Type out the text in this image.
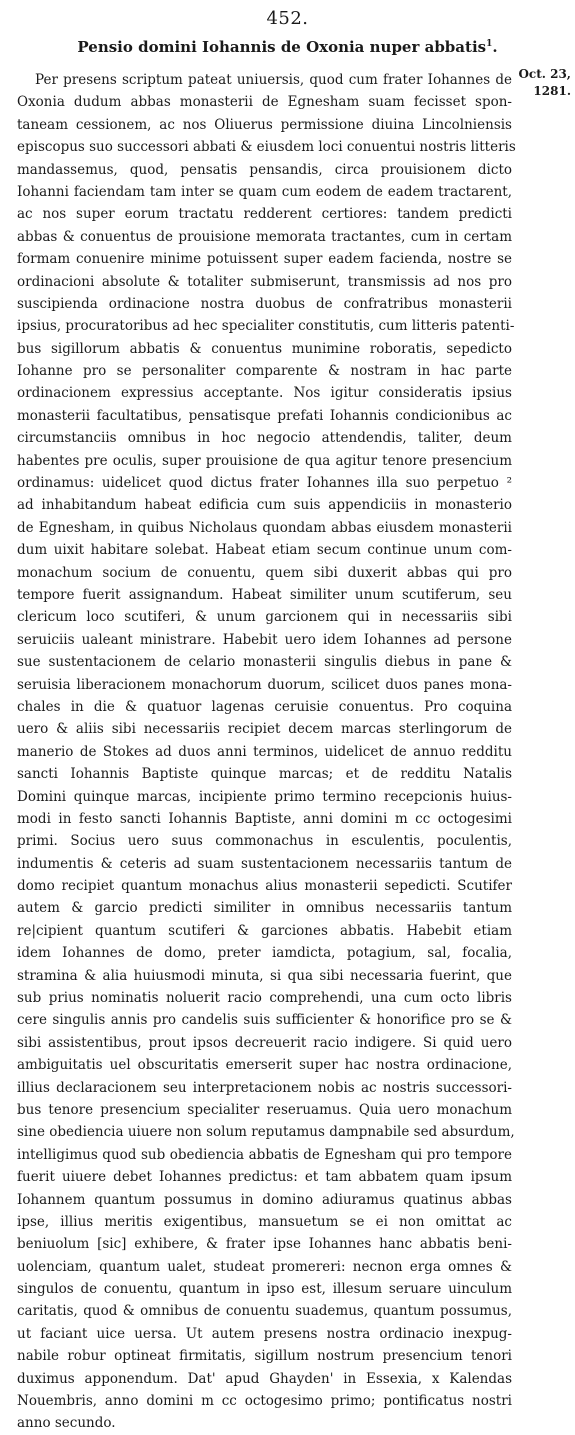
452.
Pensio domini Iohannis de Oxonia nuper abbatis$^1$.
Oct. 23,
1281.
Per presens scriptum pateat uniuersis, quod cum frater Iohannes de
Oxonia dudum abbas monasterii de Egnesham suam fecisset spon-
taneam cessionem, ac nos Oliuerus permissione diuina Lincolniensis
episcopus suo successori abbati & eiusdem loci conuentui nostris litteris
mandassemus, quod, pensatis pensandis, circa prouisionem dicto
Iohanni faciendam tam inter se quam cum eodem de eadem tractarent,
ac nos super eorum tractatu redderent certiores: tandem predicti
abbas & conuentus de prouisione memorata tractantes, cum in certam
formam conuenire minime potuissent super eadem facienda, nostre se
ordinacioni absolute & totaliter submiserunt, transmissis ad nos pro
suscipienda ordinacione nostra duobus de confratribus monasterii
ipsius, procuratoribus ad hec specialiter constitutis, cum litteris patenti-
bus sigillorum abbatis & conuentus munimine roboratis, sepedicto
Iohanne pro se personaliter comparente & nostram in hac parte
ordinacionem expressius acceptante. Nos igitur consideratis ipsius
monasterii facultatibus, pensatisque prefati Iohannis condicionibus ac
circumstanciis omnibus in hoc negocio attendendis, taliter, deum
habentes pre oculis, super prouisione de qua agitur tenore presencium
ordinamus: uidelicet quod dictus frater Iohannes illa suo perpetuo ²
ad inhabitandum habeat edificia cum suis appendiciis in monasterio
de Egnesham, in quibus Nicholaus quondam abbas eiusdem monasterii
dum uixit habitare solebat. Habeat etiam secum continue unum com-
monachum socium de conuentu, quem sibi duxerit abbas qui pro
tempore fuerit assignandum. Habeat similiter unum scutiferum, seu
clericum loco scutiferi, & unum garcionem qui in necessariis sibi
seruiciis ualeant ministrare. Habebit uero idem Iohannes ad persone
sue sustentacionem de celario monasterii singulis diebus in pane &
seruisia liberacionem monachorum duorum, scilicet duos panes mona-
chales in die & quatuor lagenas ceruisie conuentus. Pro coquina
uero & aliis sibi necessariis recipiet decem marcas sterlingorum de
manerio de Stokes ad duos anni terminos, uidelicet de annuo redditu
sancti Iohannis Baptiste quinque marcas; et de redditu Natalis
Domini quinque marcas, incipiente primo termino recepcionis huius-
modi in festo sancti Iohannis Baptiste, anni domini m cc octogesimi
primi. Socius uero suus commonachus in esculentis, poculentis,
indumentis & ceteris ad suam sustentacionem necessariis tantum de
domo recipiet quantum monachus alius monasterii sepedicti. Scutifer
autem & garcio predicti similiter in omnibus necessariis tantum
re|cipient quantum scutiferi & garciones abbatis. Habebit etiam
idem Iohannes de domo, preter iamdicta, potagium, sal, focalia,
stramina & alia huiusmodi minuta, si qua sibi necessaria fuerint, que
sub prius nominatis noluerit racio comprehendi, una cum octo libris
cere singulis annis pro candelis suis sufficienter & honorifice pro se &
sibi assistentibus, prout ipsos decreuerit racio indigere. Si quid uero
ambiguitatis uel obscuritatis emerserit super hac nostra ordinacione,
illius declaracionem seu interpretacionem nobis ac nostris successori-
bus tenore presencium specialiter reseruamus. Quia uero monachum
sine obediencia uiuere non solum reputamus dampnabile sed absurdum,
intelligimus quod sub obediencia abbatis de Egnesham qui pro tempore
fuerit uiuere debet Iohannes predictus: et tam abbatem quam ipsum
Iohannem quantum possumus in domino adiuramus quatinus abbas
ipse, illius meritis exigentibus, mansuetum se ei non omittat ac
beniuolum [sic] exhibere, & frater ipse Iohannes hanc abbatis beni-
uolenciam, quantum ualet, studeat promereri: necnon erga omnes &
singulos de conuentu, quantum in ipso est, illesum seruare uinculum
caritatis, quod & omnibus de conuentu suademus, quantum possumus,
ut faciant uice uersa. Ut autem presens nostra ordinacio inexpug-
nabile robur optineat firmitatis, sigillum nostrum presencium tenori
duximus apponendum. Dat' apud Ghayden' in Essexia, x Kalendas
Nouembris, anno domini m cc octogesimo primo; pontificatus nostri
anno secundo.
